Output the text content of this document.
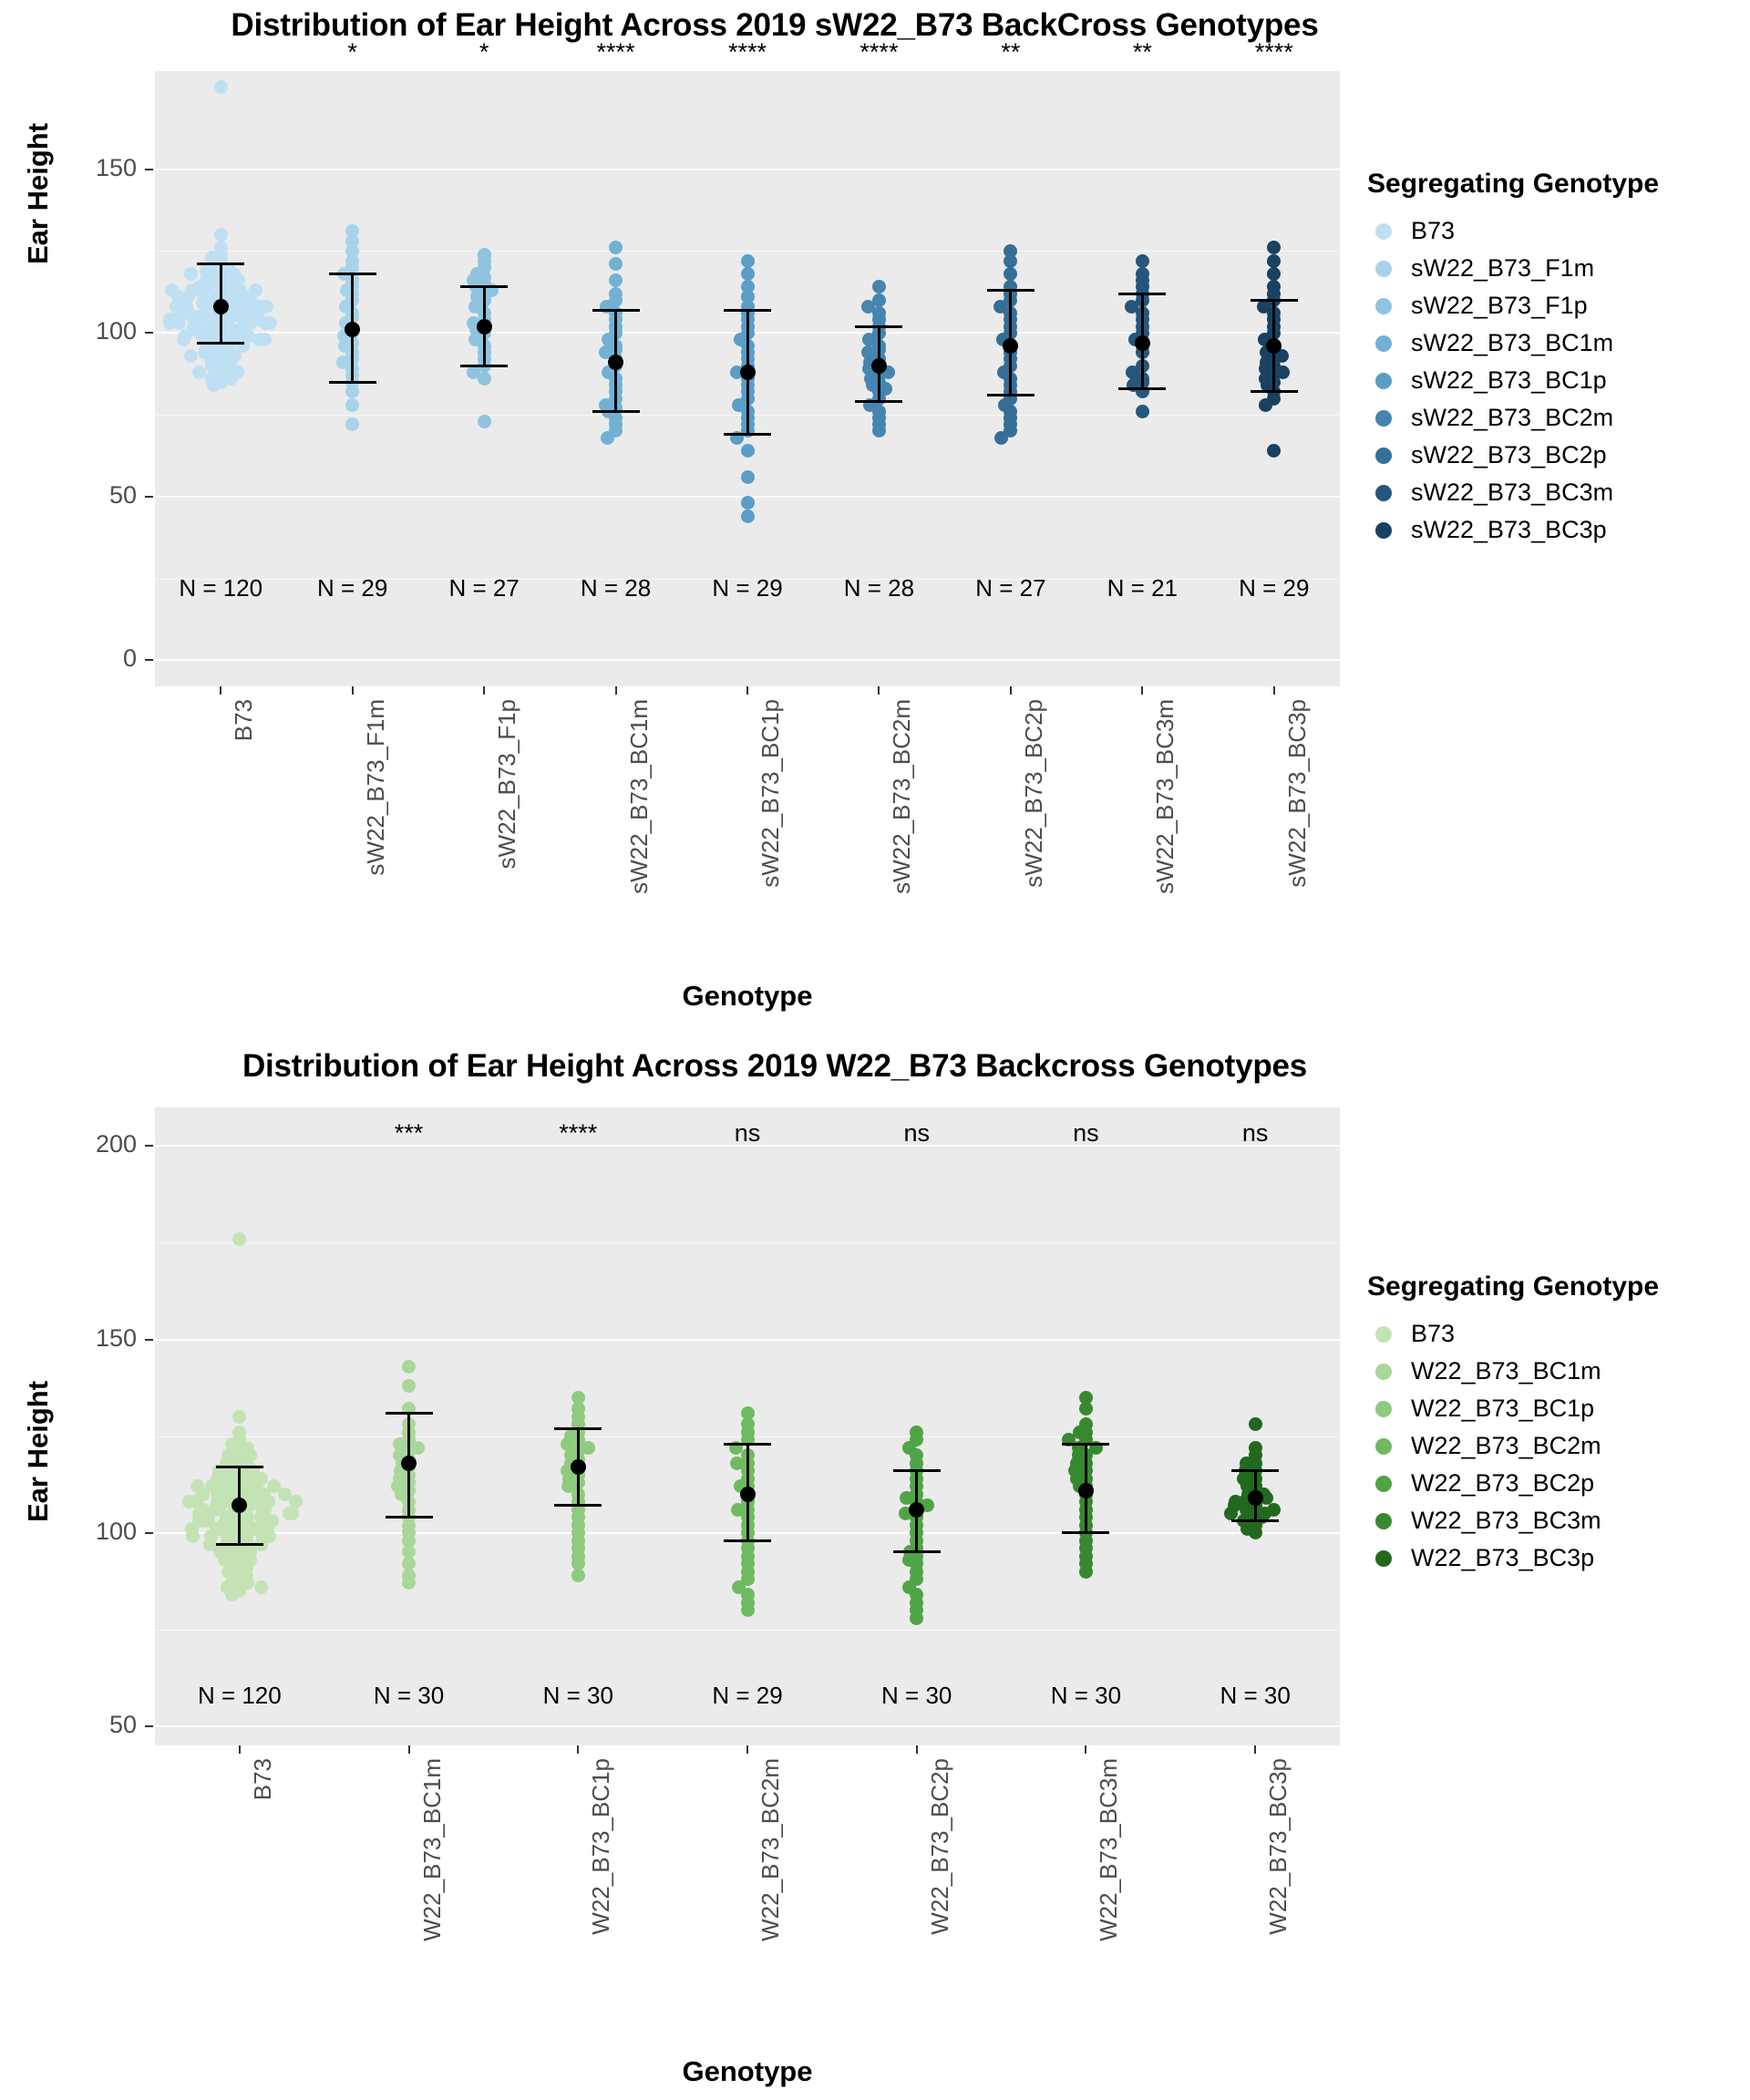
Distribution of Ear Height Across 2019 sW22_B73 BackCross Genotypes
Ear Height
Genotype
Distribution of Ear Height Across 2019 W22_B73 Backcross Genotypes
Ear Height
Genotype
Segregating Genotype
B73
sW22_B73_F1m
sW22_B73_F1p
sW22_B73_BC1m
sW22_B73_BC1p
sW22_B73_BC2m
sW22_B73_BC2p
sW22_B73_BC3m
sW22_B73_BC3p
Segregating Genotype
B73
W22_B73_BC1m
W22_B73_BC1p
W22_B73_BC2m
W22_B73_BC2p
W22_B73_BC3m
W22_B73_BC3p
0
50
100
150
N = 120
B73
*
N = 29
sW22_B73_F1m
*
N = 27
sW22_B73_F1p
****
N = 28
sW22_B73_BC1m
****
N = 29
sW22_B73_BC1p
****
N = 28
sW22_B73_BC2m
**
N = 27
sW22_B73_BC2p
**
N = 21
sW22_B73_BC3m
****
N = 29
sW22_B73_BC3p
50
100
150
200
N = 120
B73
***
N = 30
W22_B73_BC1m
****
N = 30
W22_B73_BC1p
ns
N = 29
W22_B73_BC2m
ns
N = 30
W22_B73_BC2p
ns
N = 30
W22_B73_BC3m
ns
N = 30
W22_B73_BC3p
